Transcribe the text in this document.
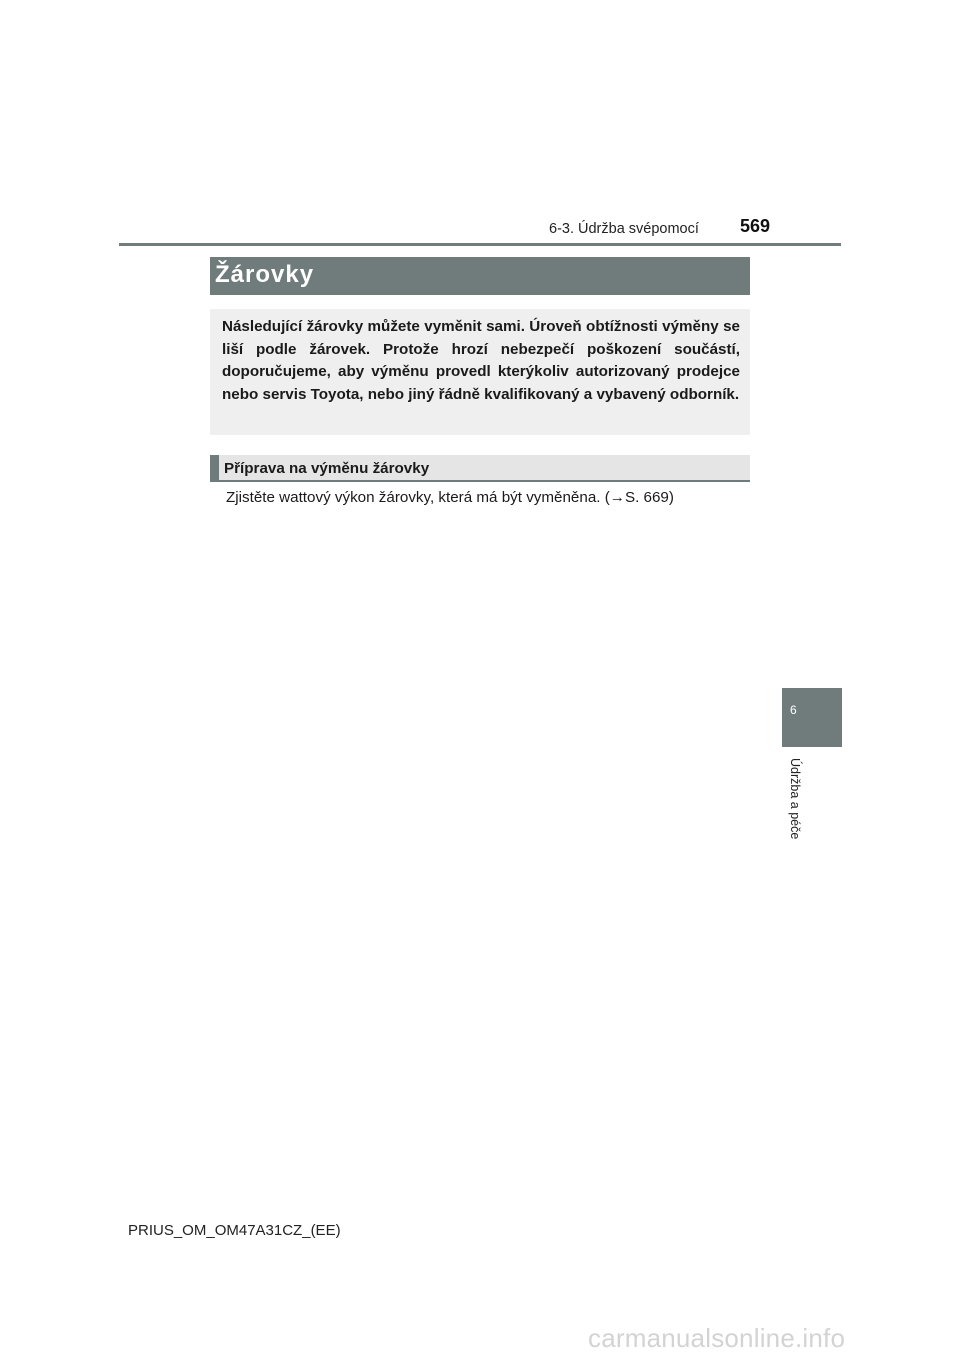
6-3. Údržba svépomocí 569
Žárovky
Následující žárovky můžete vyměnit sami. Úroveň obtížnosti výměny se liší podle žárovek. Protože hrozí nebezpečí poškození součástí, doporučujeme, aby výměnu provedl kterýkoliv autorizovaný prodejce nebo servis Toyota, nebo jiný řádně kvalifikovaný a vybavený odborník.
Příprava na výměnu žárovky
Zjistěte wattový výkon žárovky, která má být vyměněna. (→S. 669)
6
Údržba a péče
PRIUS_OM_OM47A31CZ_(EE)
carmanualsonline.info
